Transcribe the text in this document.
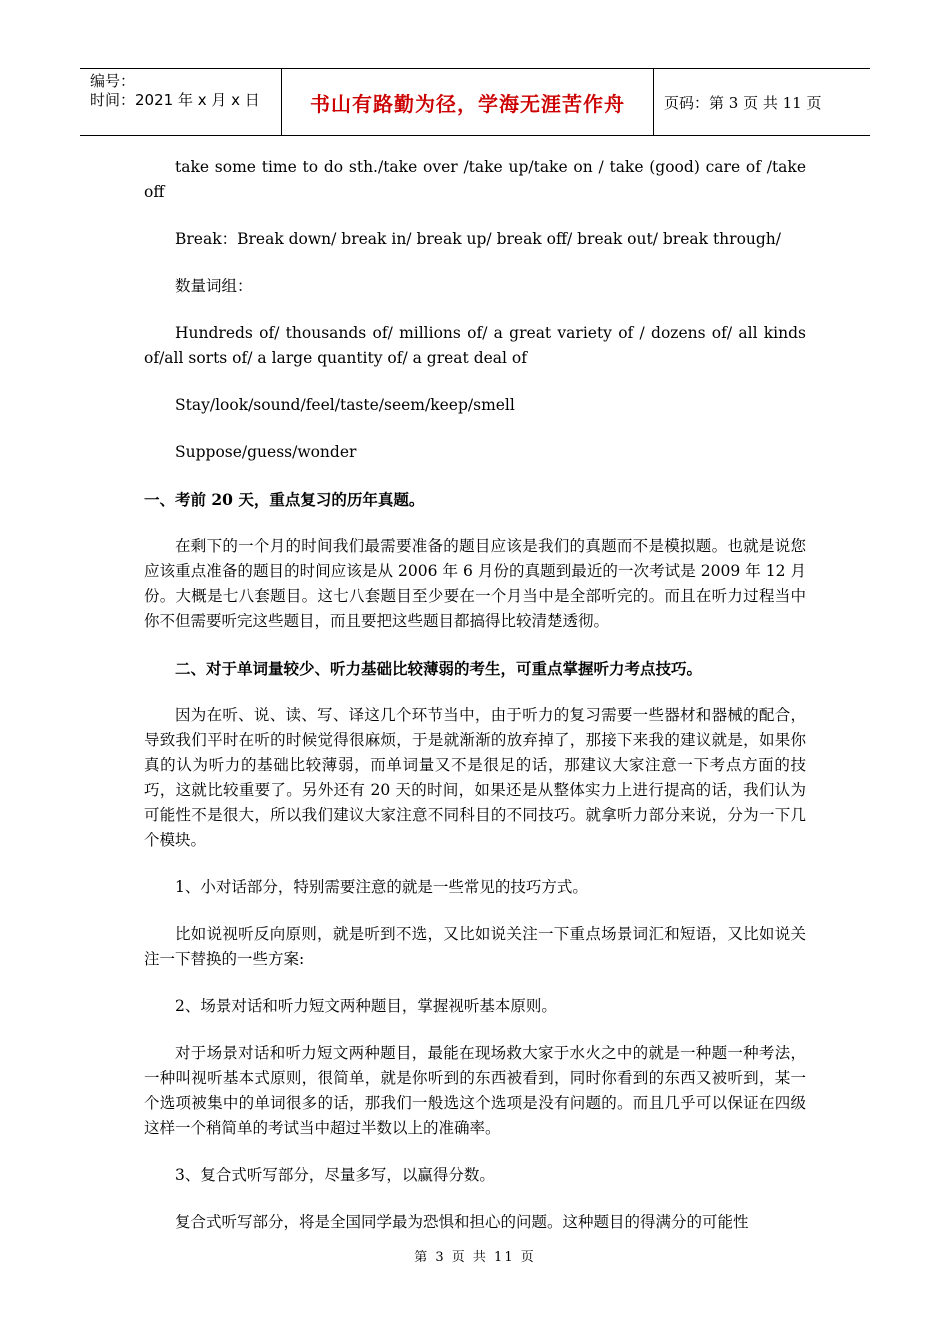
编号：
时间：2021 年 x 月 x 日	书山有路勤为径，学海无涯苦作舟	页码：第 3 页 共 11 页

take some time to do sth./take over /take up/take on / take (good) care of /take off

Break：Break down/ break in/ break up/ break off/ break out/ break through/

数量词组：

Hundreds of/ thousands of/ millions of/ a great variety of / dozens of/ all kinds of/all sorts of/ a large quantity of/ a great deal of

Stay/look/sound/feel/taste/seem/keep/smell

Suppose/guess/wonder

一、考前 20 天，重点复习的历年真题。

在剩下的一个月的时间我们最需要准备的题目应该是我们的真题而不是模拟题。也就是说您应该重点准备的题目的时间应该是从 2006 年 6 月份的真题到最近的一次考试是 2009 年 12 月份。大概是七八套题目。这七八套题目至少要在一个月当中是全部听完的。而且在听力过程当中你不但需要听完这些题目，而且要把这些题目都搞得比较清楚透彻。

二、对于单词量较少、听力基础比较薄弱的考生，可重点掌握听力考点技巧。

因为在听、说、读、写、译这几个环节当中，由于听力的复习需要一些器材和器械的配合，导致我们平时在听的时候觉得很麻烦，于是就渐渐的放弃掉了，那接下来我的建议就是，如果你真的认为听力的基础比较薄弱，而单词量又不是很足的话，那建议大家注意一下考点方面的技巧，这就比较重要了。另外还有 20 天的时间，如果还是从整体实力上进行提高的话，我们认为可能性不是很大，所以我们建议大家注意不同科目的不同技巧。就拿听力部分来说，分为一下几个模块。

1、小对话部分，特别需要注意的就是一些常见的技巧方式。

比如说视听反向原则，就是听到不选，又比如说关注一下重点场景词汇和短语，又比如说关注一下替换的一些方案:

2、场景对话和听力短文两种题目，掌握视听基本原则。

对于场景对话和听力短文两种题目，最能在现场救大家于水火之中的就是一种题一种考法，一种叫视听基本式原则，很简单，就是你听到的东西被看到，同时你看到的东西又被听到，某一个选项被集中的单词很多的话，那我们一般选这个选项是没有问题的。而且几乎可以保证在四级这样一个稍简单的考试当中超过半数以上的准确率。

3、复合式听写部分，尽量多写，以赢得分数。

复合式听写部分，将是全国同学最为恐惧和担心的问题。这种题目的得满分的可能性

第 3 页 共 11 页
